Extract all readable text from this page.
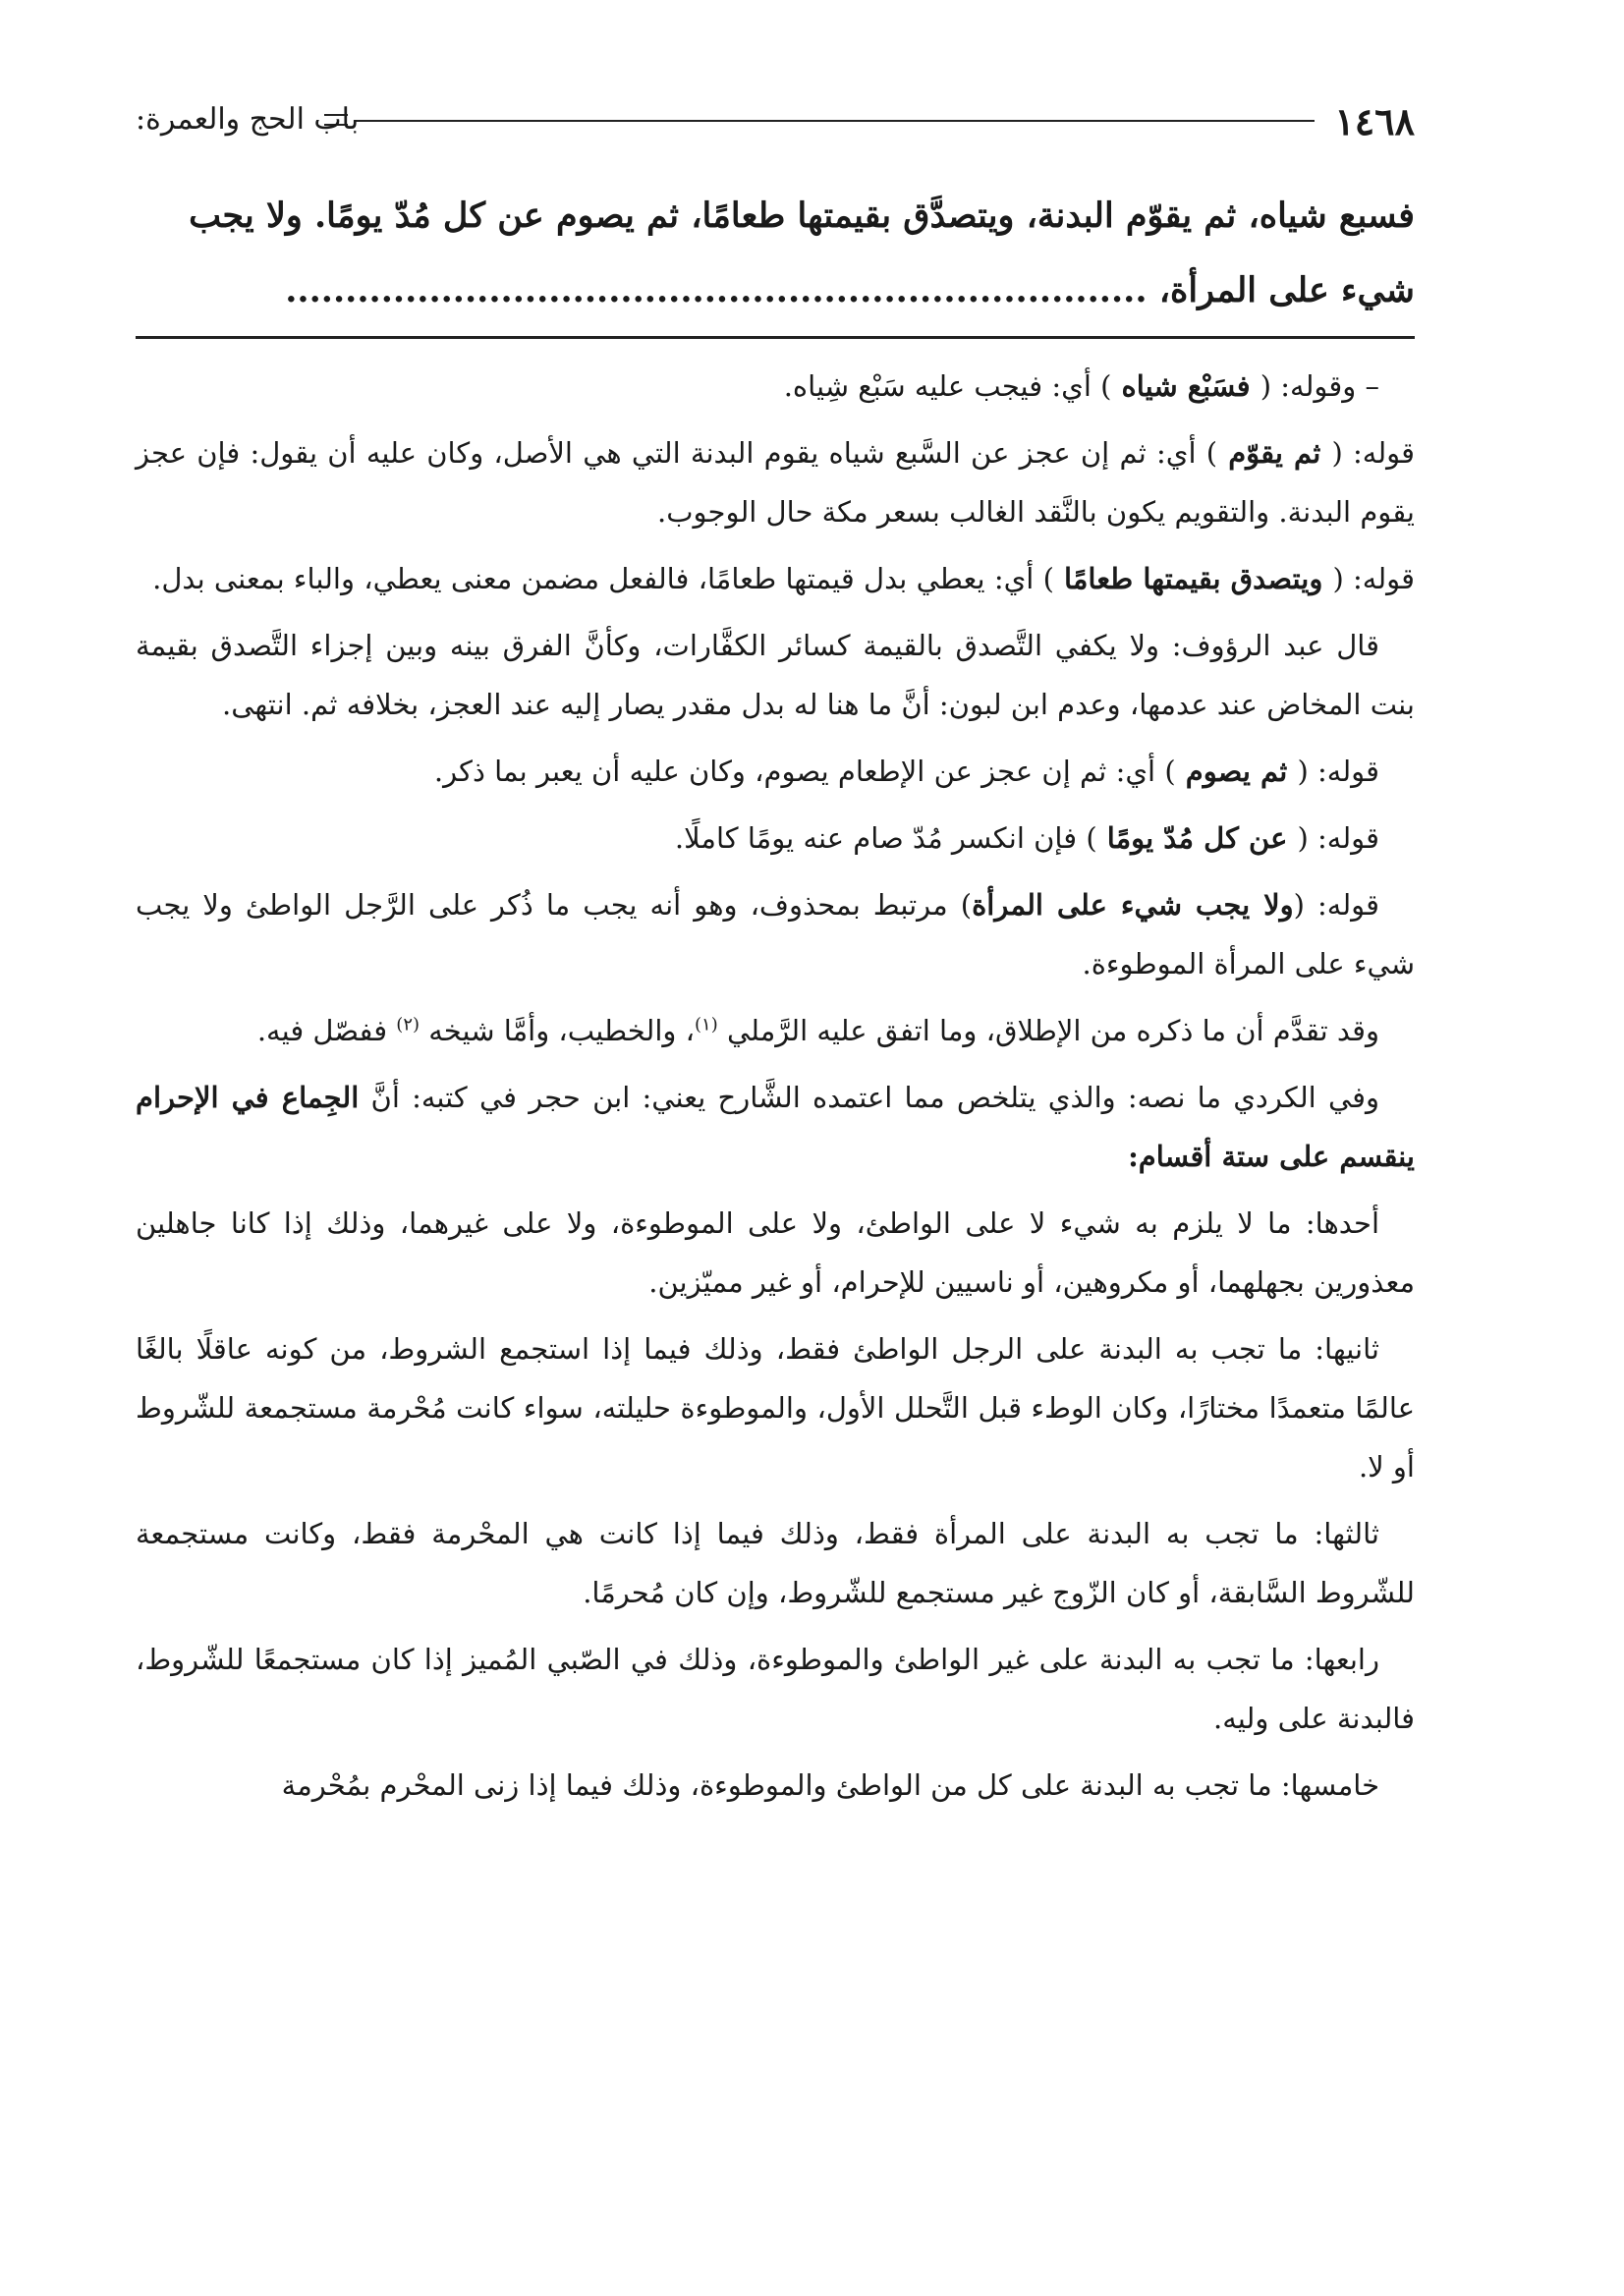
١٤٦٨
باب الحج والعمرة:

فسبع شياه، ثم يقوّم البدنة، ويتصدَّق بقيمتها طعامًا، ثم يصوم عن كل مُدّ يومًا. ولا يجب

شيء على المرأة، ........................................................................

– وقوله: ( فسَبْع شياه ) أي: فيجب عليه سَبْع شِياه.

قوله: ( ثم يقوّم ) أي: ثم إن عجز عن السَّبع شياه يقوم البدنة التي هي الأصل، وكان عليه أن يقول: فإن عجز يقوم البدنة. والتقويم يكون بالنَّقد الغالب بسعر مكة حال الوجوب.

قوله: ( ويتصدق بقيمتها طعامًا ) أي: يعطي بدل قيمتها طعامًا، فالفعل مضمن معنى يعطي، والباء بمعنى بدل.

قال عبد الرؤوف: ولا يكفي التَّصدق بالقيمة كسائر الكفَّارات، وكأنَّ الفرق بينه وبين إجزاء التَّصدق بقيمة بنت المخاض عند عدمها، وعدم ابن لبون: أنَّ ما هنا له بدل مقدر يصار إليه عند العجز، بخلافه ثم. انتهى.

قوله: ( ثم يصوم ) أي: ثم إن عجز عن الإطعام يصوم، وكان عليه أن يعبر بما ذكر.

قوله: ( عن كل مُدّ يومًا ) فإن انكسر مُدّ صام عنه يومًا كاملًا.

قوله: (ولا يجب شيء على المرأة) مرتبط بمحذوف، وهو أنه يجب ما ذُكر على الرَّجل الواطئ ولا يجب شيء على المرأة الموطوءة.

وقد تقدَّم أن ما ذكره من الإطلاق، وما اتفق عليه الرَّملي $^{(١)}$، والخطيب، وأمَّا شيخه $^{(٢)}$ ففصّل فيه.

وفي الكردي ما نصه: والذي يتلخص مما اعتمده الشَّارح يعني: ابن حجر في كتبه: أنَّ الجِماع في الإحرام ينقسم على ستة أقسام:

أحدها: ما لا يلزم به شيء لا على الواطئ، ولا على الموطوءة، ولا على غيرهما، وذلك إذا كانا جاهلين معذورين بجهلهما، أو مكروهين، أو ناسيين للإحرام، أو غير مميّزين.

ثانيها: ما تجب به البدنة على الرجل الواطئ فقط، وذلك فيما إذا استجمع الشروط، من كونه عاقلًا بالغًا عالمًا متعمدًا مختارًا، وكان الوطء قبل التَّحلل الأول، والموطوءة حليلته، سواء كانت مُحْرمة مستجمعة للشّروط أو لا.

ثالثها: ما تجب به البدنة على المرأة فقط، وذلك فيما إذا كانت هي المحْرمة فقط، وكانت مستجمعة للشّروط السَّابقة، أو كان الزّوج غير مستجمع للشّروط، وإن كان مُحرمًا.

رابعها: ما تجب به البدنة على غير الواطئ والموطوءة، وذلك في الصّبي المُميز إذا كان مستجمعًا للشّروط، فالبدنة على وليه.

خامسها: ما تجب به البدنة على كل من الواطئ والموطوءة، وذلك فيما إذا زنى المحْرم بمُحْرمة
